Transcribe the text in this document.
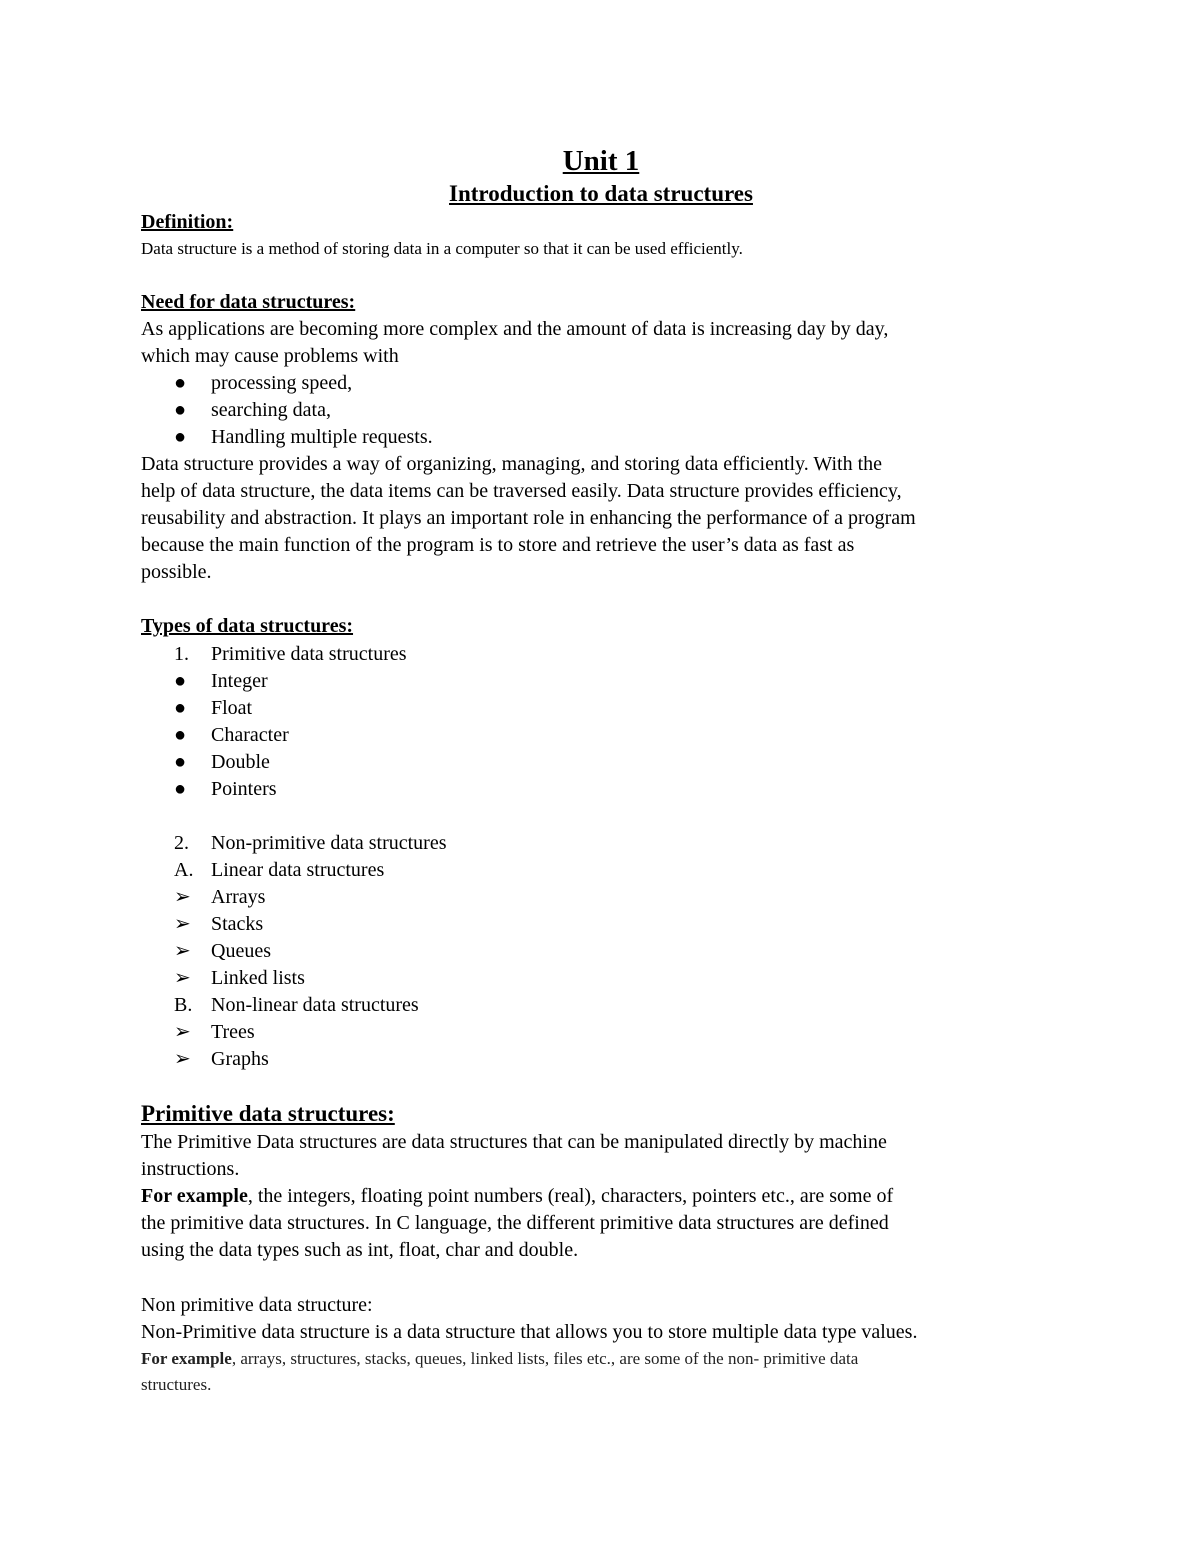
Unit 1
Introduction to data structures
Definition:
Data structure is a method of storing data in a computer so that it can be used efficiently.
Need for data structures:
As applications are becoming more complex and the amount of data is increasing day by day,
which may cause problems with
●	processing speed,
●	searching data,
●	Handling multiple requests.
Data structure provides a way of organizing, managing, and storing data efficiently. With the
help of data structure, the data items can be traversed easily. Data structure provides efficiency,
reusability and abstraction. It plays an important role in enhancing the performance of a program
because the main function of the program is to store and retrieve the user’s data as fast as
possible.
Types of data structures:
1.	Primitive data structures
●	Integer
●	Float
●	Character
●	Double
●	Pointers
2.	Non-primitive data structures
A. Linear data structures
➢	Arrays
➢	Stacks
➢	Queues
➢	Linked lists
B. Non-linear data structures
➢	Trees
➢	Graphs
Primitive data structures:
The Primitive Data structures are data structures that can be manipulated directly by machine
instructions.
For example, the integers, floating point numbers (real), characters, pointers etc., are some of
the primitive data structures. In C language, the different primitive data structures are defined
using the data types such as int, float, char and double.
Non primitive data structure:
Non-Primitive data structure is a data structure that allows you to store multiple data type values.
For example, arrays, structures, stacks, queues, linked lists, files etc., are some of the non- primitive data
structures.
